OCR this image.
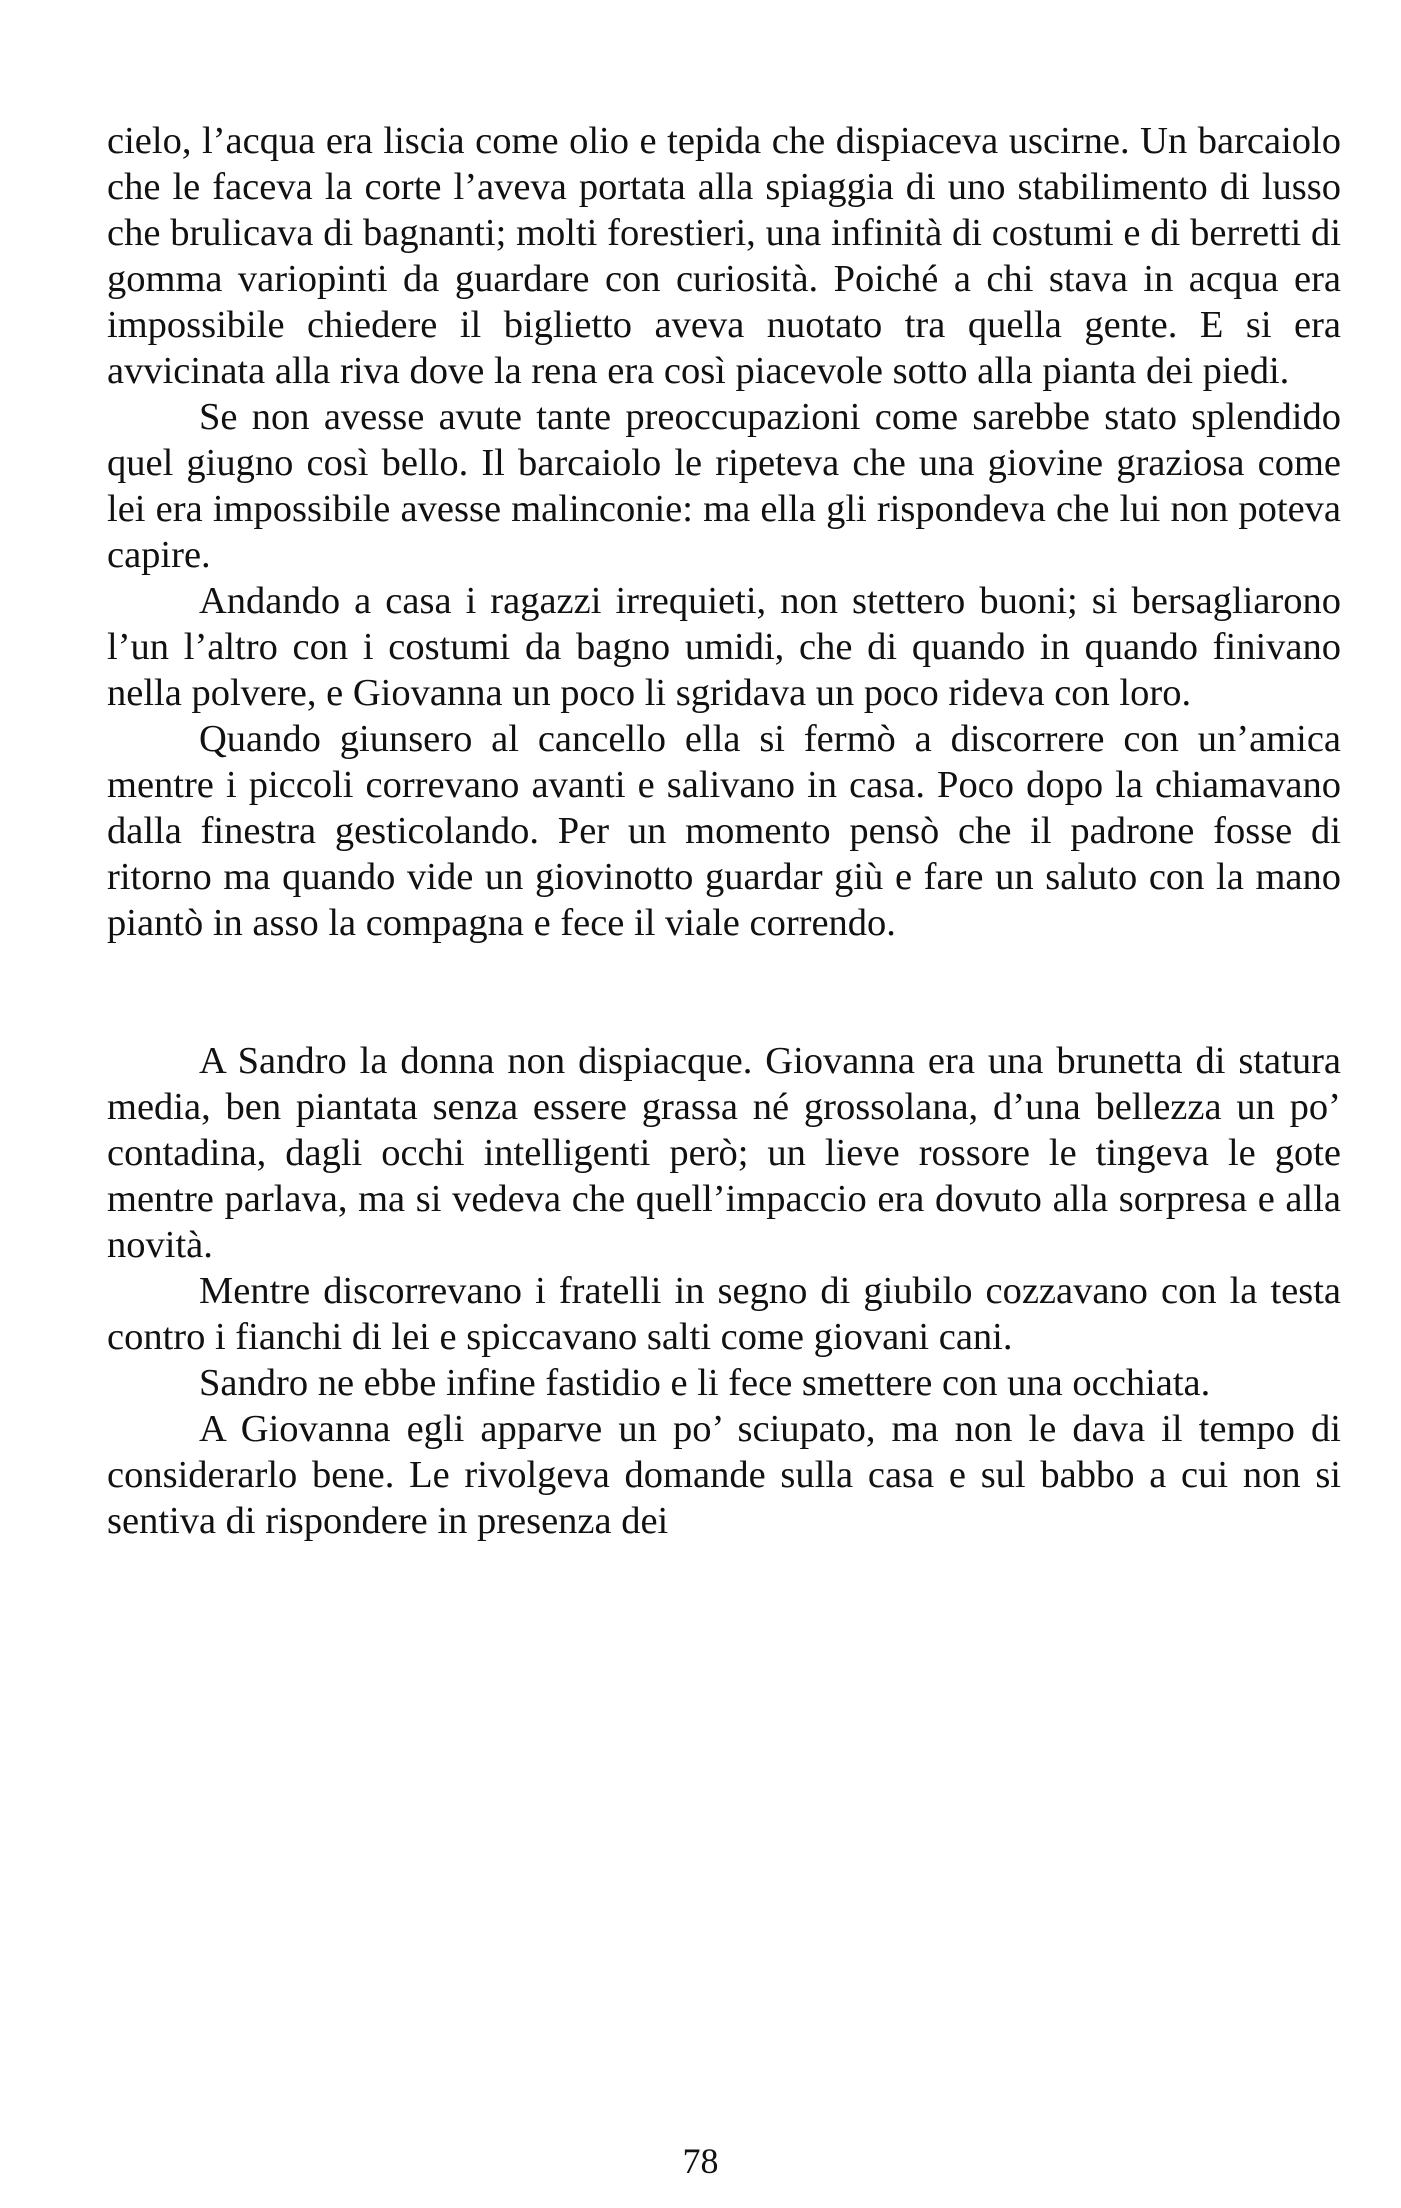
cielo, l’acqua era liscia come olio e tepida che dispiaceva uscirne. Un barcaiolo che le faceva la corte l’aveva portata alla spiaggia di uno stabilimento di lusso che brulicava di bagnanti; molti forestieri, una infinità di costumi e di berretti di gomma variopinti da guardare con curiosità. Poiché a chi stava in acqua era impossibile chiedere il biglietto aveva nuotato tra quella gente. E si era avvicinata alla riva dove la rena era così piacevole sotto alla pianta dei piedi.

Se non avesse avute tante preoccupazioni come sarebbe stato splendido quel giugno così bello. Il barcaiolo le ripeteva che una giovine graziosa come lei era impossibile avesse malinconie: ma ella gli rispondeva che lui non poteva capire.

Andando a casa i ragazzi irrequieti, non stettero buoni; si bersagliarono l’un l’altro con i costumi da bagno umidi, che di quando in quando finivano nella polvere, e Giovanna un poco li sgridava un poco rideva con loro.

Quando giunsero al cancello ella si fermò a discorrere con un’amica mentre i piccoli correvano avanti e salivano in casa. Poco dopo la chiamavano dalla finestra gesticolando. Per un momento pensò che il padrone fosse di ritorno ma quando vide un giovinotto guardar giù e fare un saluto con la mano piantò in asso la compagna e fece il viale correndo.

A Sandro la donna non dispiacque. Giovanna era una brunetta di statura media, ben piantata senza essere grassa né grossolana, d’una bellezza un po’ contadina, dagli occhi intelligenti però; un lieve rossore le tingeva le gote mentre parlava, ma si vedeva che quell’impaccio era dovuto alla sorpresa e alla novità.

Mentre discorrevano i fratelli in segno di giubilo cozzavano con la testa contro i fianchi di lei e spiccavano salti come giovani cani.

Sandro ne ebbe infine fastidio e li fece smettere con una occhiata.

A Giovanna egli apparve un po’ sciupato, ma non le dava il tempo di considerarlo bene. Le rivolgeva domande sulla casa e sul babbo a cui non si sentiva di rispondere in presenza dei

78
